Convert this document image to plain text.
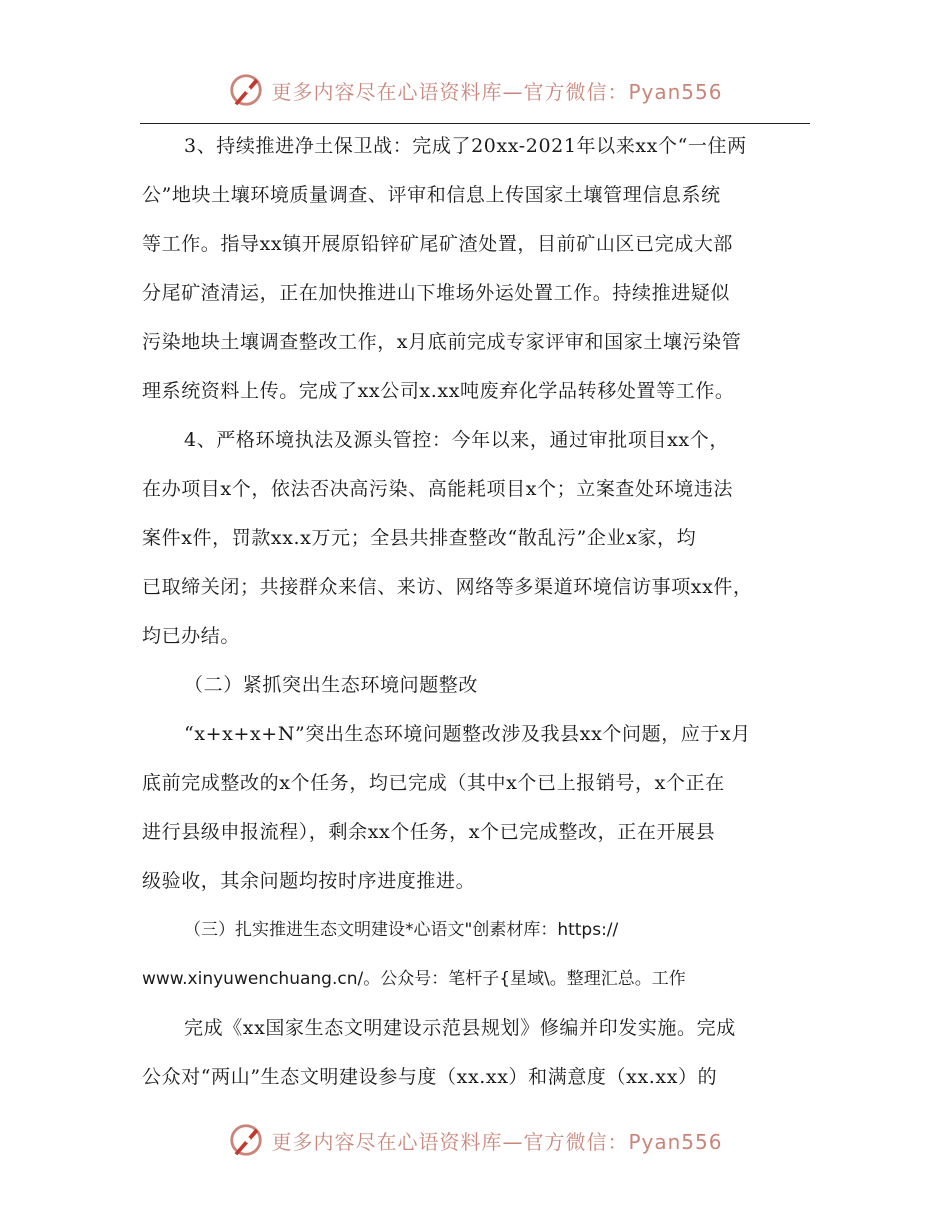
更多内容尽在心语资料库—官方微信：Pyan556
3、持续推进净土保卫战：完成了20xx-2021年以来xx个“一住两
公”地块土壤环境质量调查、评审和信息上传国家土壤管理信息系统
等工作。指导xx镇开展原铅锌矿尾矿渣处置，目前矿山区已完成大部
分尾矿渣清运，正在加快推进山下堆场外运处置工作。持续推进疑似
污染地块土壤调查整改工作，x月底前完成专家评审和国家土壤污染管
理系统资料上传。完成了xx公司x.xx吨废弃化学品转移处置等工作。
4、严格环境执法及源头管控：今年以来，通过审批项目xx个，
在办项目x个，依法否决高污染、高能耗项目x个；立案查处环境违法
案件x件，罚款xx.x万元；全县共排查整改“散乱污”企业x家，均
已取缔关闭；共接群众来信、来访、网络等多渠道环境信访事项xx件，
均已办结。
（二）紧抓突出生态环境问题整改
“x+x+x+N”突出生态环境问题整改涉及我县xx个问题，应于x月
底前完成整改的x个任务，均已完成（其中x个已上报销号，x个正在
进行县级申报流程），剩余xx个任务，x个已完成整改，正在开展县
级验收，其余问题均按时序进度推进。
（三）扎实推进生态文明建设*心语文"创素材库：https://
www.xinyuwenchuang.cn/。公众号：笔杆子{星域\。整理汇总。工作
完成《xx国家生态文明建设示范县规划》修编并印发实施。完成
公众对“两山”生态文明建设参与度（xx.xx）和满意度（xx.xx）的
更多内容尽在心语资料库—官方微信：Pyan556
